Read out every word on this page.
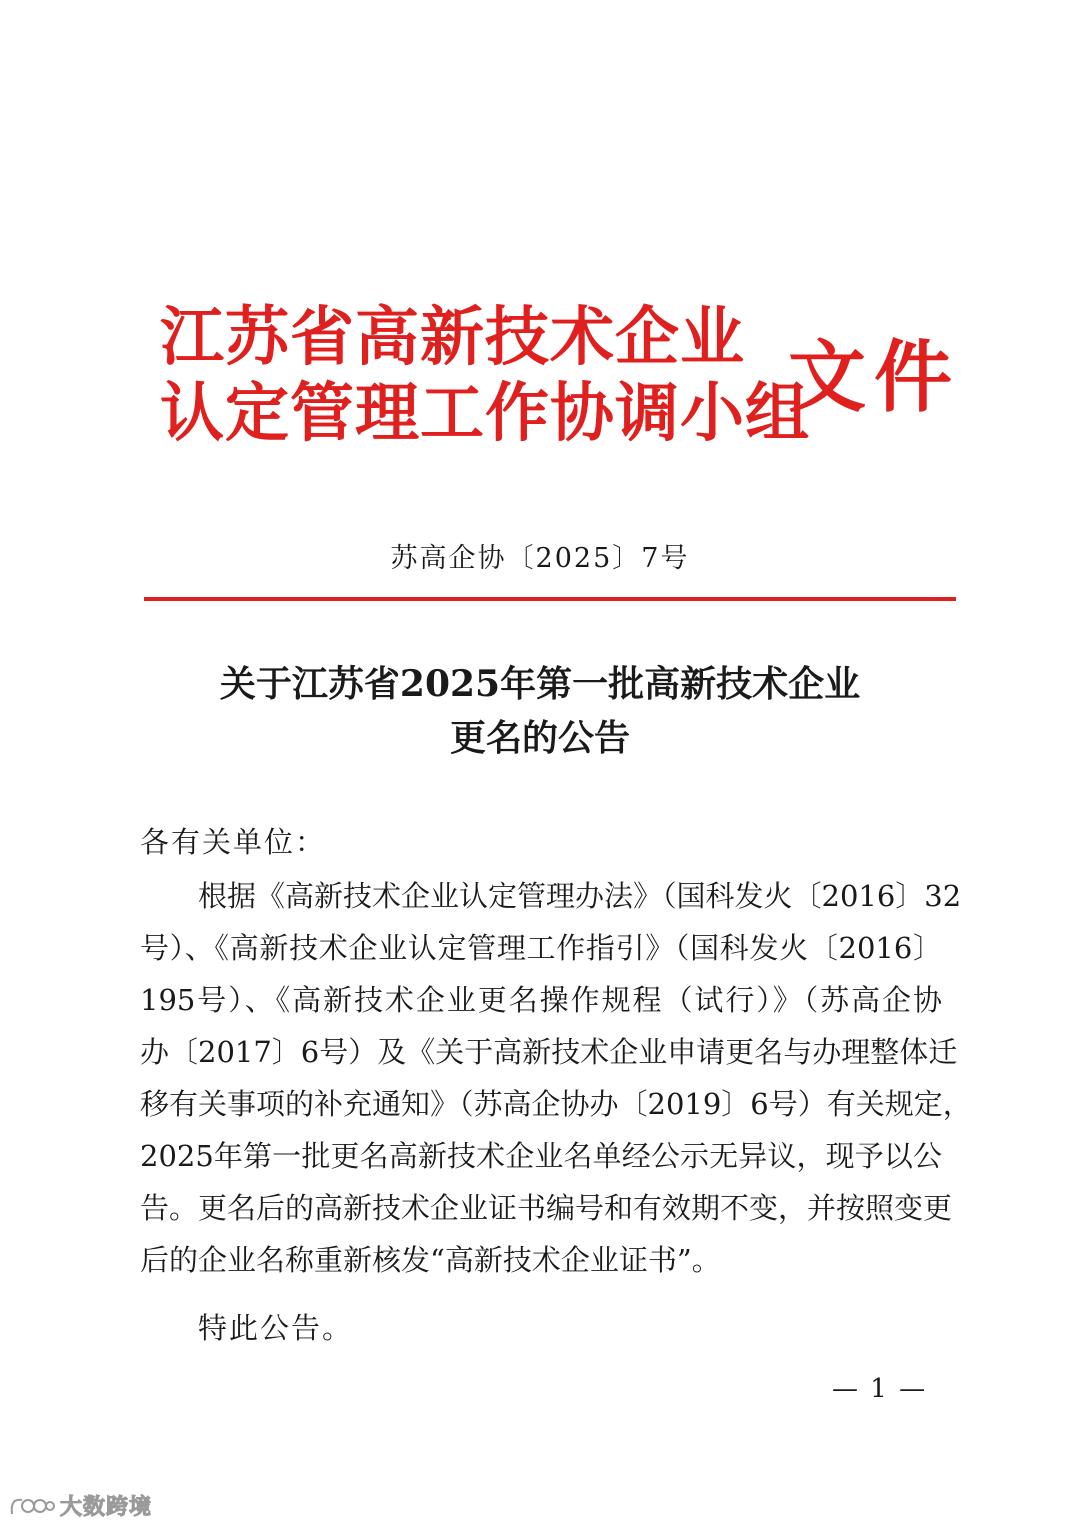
江苏省高新技术企业
认定管理工作协调小组
文件
苏高企协〔2025〕7号
关于江苏省2025年第一批高新技术企业
更名的公告
各有关单位：
根据《高新技术企业认定管理办法》（国科发火〔2016〕32
号）、《高新技术企业认定管理工作指引》（国科发火〔2016〕
195号）、《高新技术企业更名操作规程（试行）》（苏高企协
办〔2017〕6号）及《关于高新技术企业申请更名与办理整体迁
移有关事项的补充通知》（苏高企协办〔2019〕6号）有关规定，
2025年第一批更名高新技术企业名单经公示无异议，现予以公
告。更名后的高新技术企业证书编号和有效期不变，并按照变更
后的企业名称重新核发“高新技术企业证书”。
特此公告。
— 1 —
大数跨境
